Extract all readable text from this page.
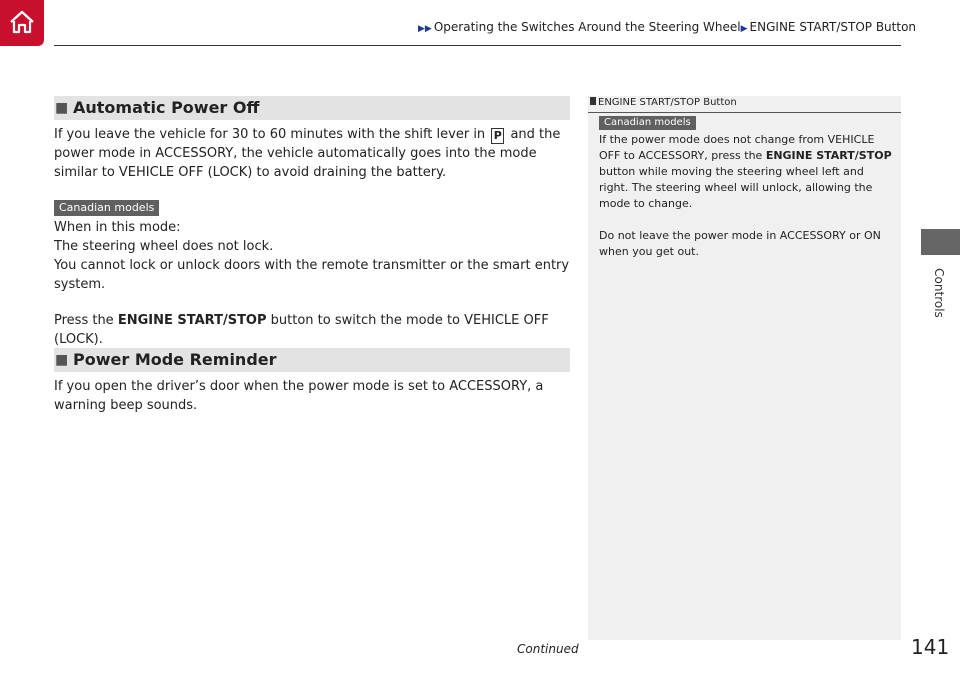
▶▶ Operating the Switches Around the Steering Wheel▶ ENGINE START/STOP Button
Controls
■ Automatic Power Off
If you leave the vehicle for 30 to 60 minutes with the shift lever in P and the power mode in ACCESSORY, the vehicle automatically goes into the mode similar to VEHICLE OFF (LOCK) to avoid draining the battery.
Canadian models
When in this mode:
The steering wheel does not lock.
You cannot lock or unlock doors with the remote transmitter or the smart entry system.
Press the ENGINE START/STOP button to switch the mode to VEHICLE OFF (LOCK).
■ Power Mode Reminder
If you open the driver’s door when the power mode is set to ACCESSORY, a warning beep sounds.
ENGINE START/STOP Button
Canadian models
If the power mode does not change from VEHICLE OFF to ACCESSORY, press the ENGINE START/STOP button while moving the steering wheel left and right. The steering wheel will unlock, allowing the mode to change.
Do not leave the power mode in ACCESSORY or ON when you get out.
Continued	141
